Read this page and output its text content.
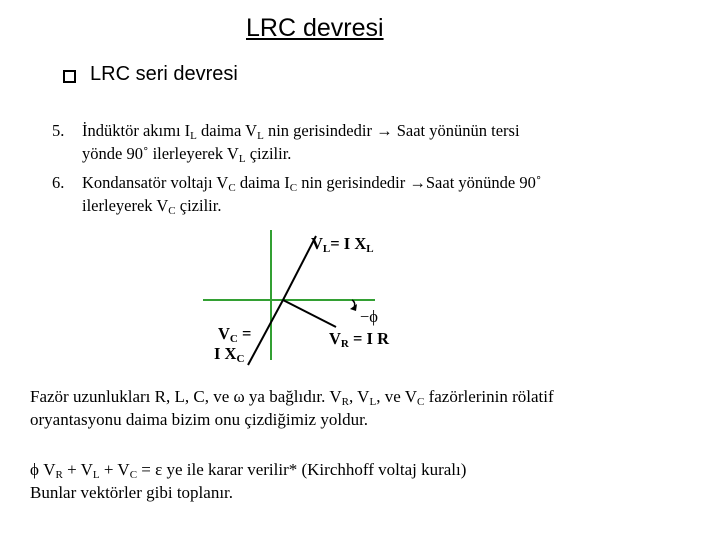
LRC devresi
LRC seri devresi
5. İndüktör akımı $I_L$ daima $V_L$ nin gerisindedir → Saat yönünün tersi
yönde 90˚ ilerleyerek $V_L$ çizilir.
6. Kondansatör voltajı $V_C$ daima $I_C$ nin gerisindedir →Saat yönünde 90˚
ilerleyerek $V_C$ çizilir.
$V_L= I$ $X_L$
$V_C$ =
I $X_C$
−ϕ
$V_R = I$ R
Fazör uzunlukları R, L, C, ve ω ya bağlıdır. $V_R$, $V_L$, ve $V_C$ fazörlerinin rölatif
oryantasyonu daima bizim onu çizdiğimiz yoldur.
ϕ $V_R + V_L + V_C = \varepsilon$ ye ile karar verilir* (Kirchhoff voltaj kuralı)
Bunlar vektörler gibi toplanır.
